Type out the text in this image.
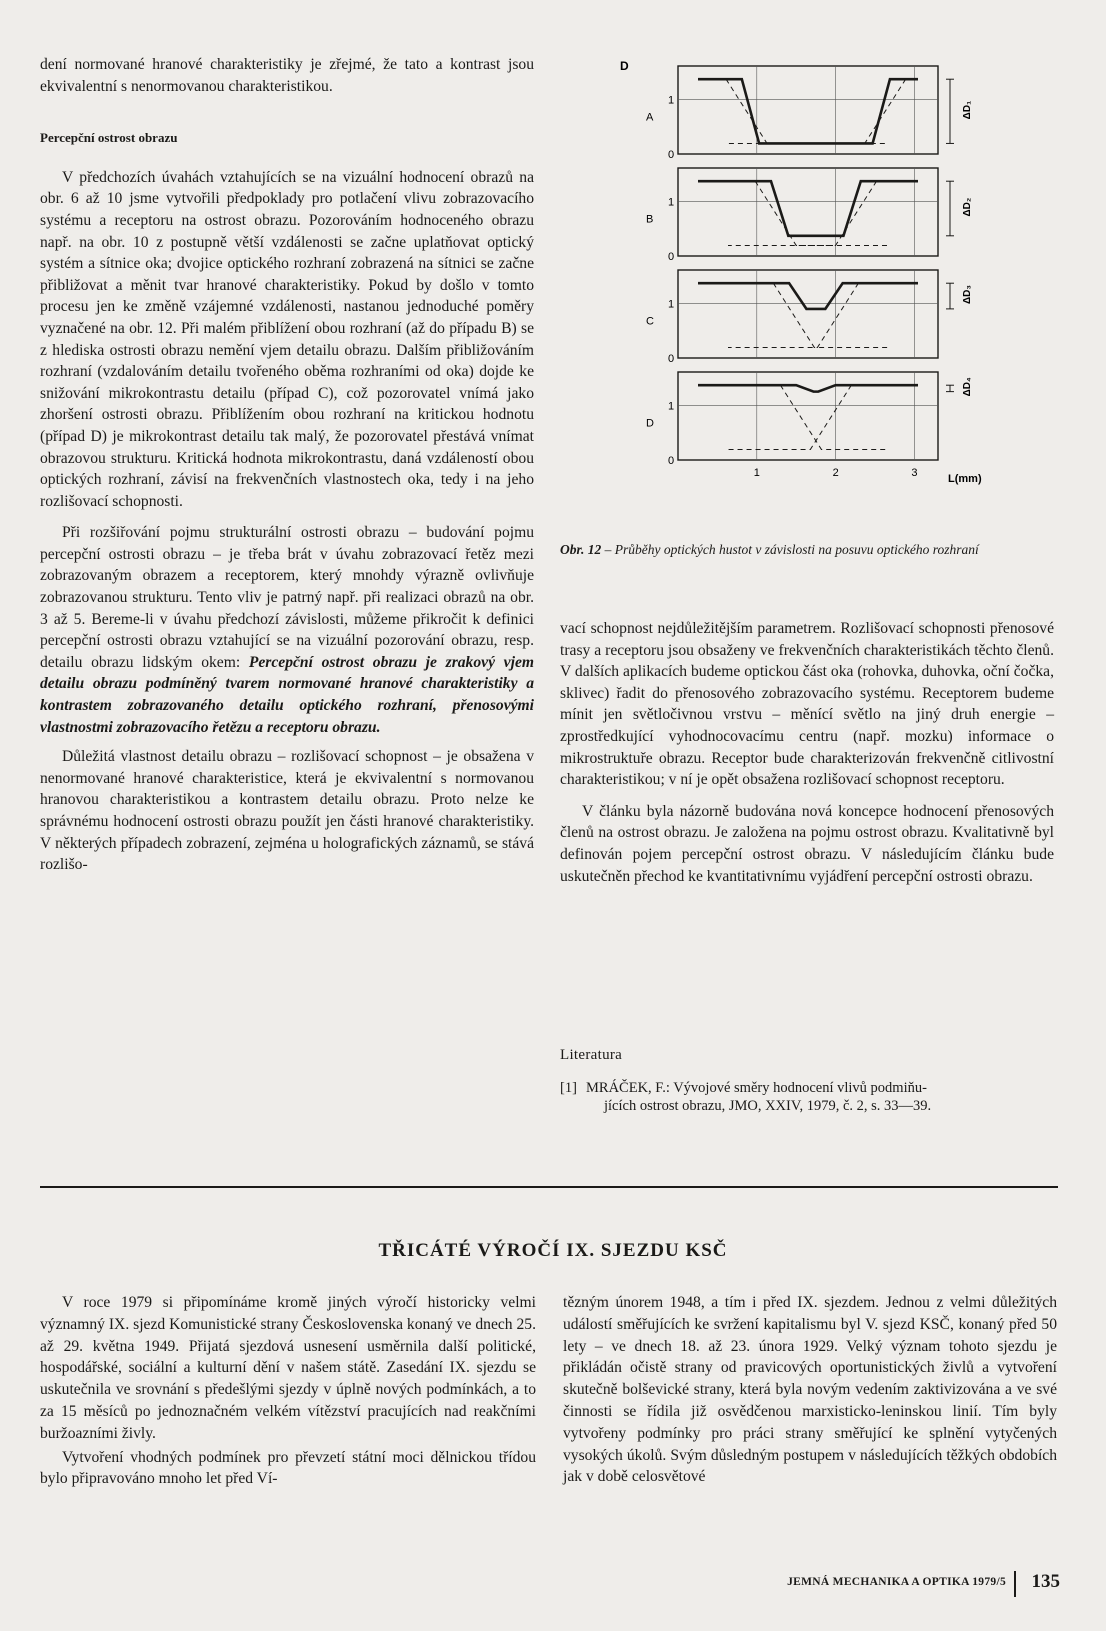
dení normované hranové charakteristiky je zřejmé, že tato a kontrast jsou ekvivalentní s nenormovanou charakteristikou.

Percepční ostrost obrazu

V předchozích úvahách vztahujících se na vizuální hodnocení obrazů na obr. 6 až 10 jsme vytvořili předpoklady pro potlačení vlivu zobrazovacího systému a receptoru na ostrost obrazu. Pozorováním hodnoceného obrazu např. na obr. 10 z postupně větší vzdálenosti se začne uplatňovat optický systém a sítnice oka; dvojice optického rozhraní zobrazená na sítnici se začne přibližovat a měnit tvar hranové charakteristiky. Pokud by došlo v tomto procesu jen ke změně vzájemné vzdálenosti, nastanou jednoduché poměry vyznačené na obr. 12. Při malém přiblížení obou rozhraní (až do případu B) se z hlediska ostrosti obrazu nemění vjem detailu obrazu. Dalším přibližováním rozhraní (vzdalováním detailu tvořeného oběma rozhraními od oka) dojde ke snižování mikrokontrastu detailu (případ C), což pozorovatel vnímá jako zhoršení ostrosti obrazu. Přiblížením obou rozhraní na kritickou hodnotu (případ D) je mikrokontrast detailu tak malý, že pozorovatel přestává vnímat obrazovou strukturu. Kritická hodnota mikrokontrastu, daná vzdáleností obou optických rozhraní, závisí na frekvenčních vlastnostech oka, tedy i na jeho rozlišovací schopnosti.

Při rozšiřování pojmu strukturální ostrosti obrazu – budování pojmu percepční ostrosti obrazu – je třeba brát v úvahu zobrazovací řetěz mezi zobrazovaným obrazem a receptorem, který mnohdy výrazně ovlivňuje zobrazovanou strukturu. Tento vliv je patrný např. při realizaci obrazů na obr. 3 až 5. Bereme-li v úvahu předchozí závislosti, můžeme přikročit k definici percepční ostrosti obrazu vztahující se na vizuální pozorování obrazu, resp. detailu obrazu lidským okem: Percepční ostrost obrazu je zrakový vjem detailu obrazu podmíněný tvarem normované hranové charakteristiky a kontrastem zobrazovaného detailu optického rozhraní, přenosovými vlastnostmi zobrazovacího řetězu a receptoru obrazu.

Důležitá vlastnost detailu obrazu – rozlišovací schopnost – je obsažena v nenormované hranové charakteristice, která je ekvivalentní s normovanou hranovou charakteristikou a kontrastem detailu obrazu. Proto nelze ke správnému hodnocení ostrosti obrazu použít jen části hranové charakteristiky. V některých případech zobrazení, zejména u holografických záznamů, se stává rozlišo-

D
1
0
A	ΔD₁
1
0
B
ΔD₂
1
0
C
ΔD₃
1
0
D
ΔD₄
1	2	3	L(mm)
Obr. 12 – Průběhy optických hustot v závislosti na posuvu optického rozhraní

vací schopnost nejdůležitějším parametrem. Rozlišovací schopnosti přenosové trasy a receptoru jsou obsaženy ve frekvenčních charakteristikách těchto členů. V dalších aplikacích budeme optickou část oka (rohovka, duhovka, oční čočka, sklivec) řadit do přenosového zobrazovacího systému. Receptorem budeme mínit jen světločivnou vrstvu – měnící světlo na jiný druh energie – zprostředkující vyhodnocovacímu centru (např. mozku) informace o mikrostruktuře obrazu. Receptor bude charakterizován frekvenčně citlivostní charakteristikou; v ní je opět obsažena rozlišovací schopnost receptoru.

V článku byla názorně budována nová koncepce hodnocení přenosových členů na ostrost obrazu. Je založena na pojmu ostrost obrazu. Kvalitativně byl definován pojem percepční ostrost obrazu. V následujícím článku bude uskutečněn přechod ke kvantitativnímu vyjádření percepční ostrosti obrazu.

Literatura
[1] MRÁČEK, F.: Vývojové směry hodnocení vlivů podmiňu-
jících ostrost obrazu, JMO, XXIV, 1979, č. 2, s. 33—39.
TŘICÁTÉ VÝROČÍ IX. SJEZDU KSČ

V roce 1979 si připomínáme kromě jiných výročí historicky velmi významný IX. sjezd Komunistické strany Československa konaný ve dnech 25. až 29. května 1949. Přijatá sjezdová usnesení usměrnila další politické, hospodářské, sociální a kulturní dění v našem státě. Zasedání IX. sjezdu se uskutečnila ve srovnání s předešlými sjezdy v úplně nových podmínkách, a to za 15 měsíců po jednoznačném velkém vítězství pracujících nad reakčními buržoazními živly.

Vytvoření vhodných podmínek pro převzetí státní moci dělnickou třídou bylo připravováno mnoho let před Ví-

tězným únorem 1948, a tím i před IX. sjezdem. Jednou z velmi důležitých událostí směřujících ke svržení kapitalismu byl V. sjezd KSČ, konaný před 50 lety – ve dnech 18. až 23. února 1929. Velký význam tohoto sjezdu je přikládán očistě strany od pravicových oportunistických živlů a vytvoření skutečně bolševické strany, která byla novým vedením zaktivizována a ve své činnosti se řídila již osvědčenou marxisticko-leninskou linií. Tím byly vytvořeny podmínky pro práci strany směřující ke splnění vytyčených vysokých úkolů. Svým důsledným postupem v následujících těžkých obdobích jak v době celosvětové

JEMNÁ MECHANIKA A OPTIKA 1979/5 135
